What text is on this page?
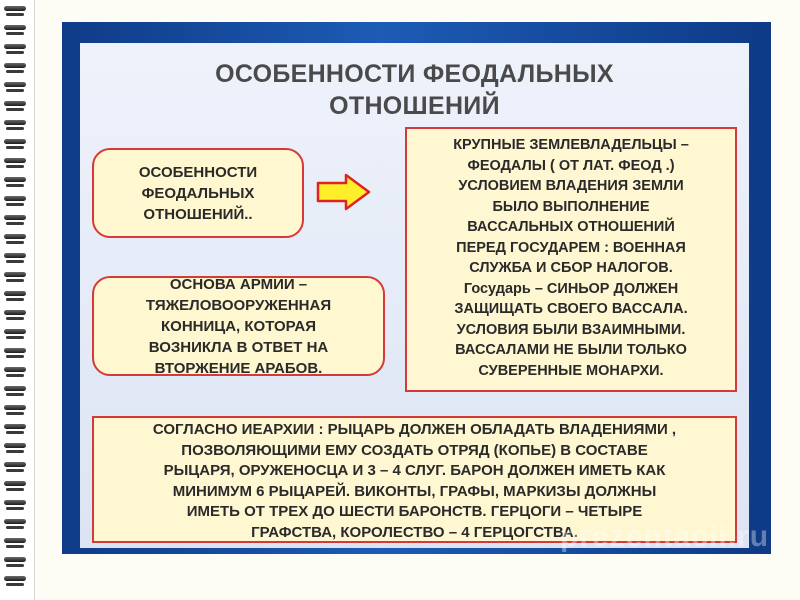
ОСОБЕННОСТИ ФЕОДАЛЬНЫХ
ОТНОШЕНИЙ
ОСОБЕННОСТИ
ФЕОДАЛЬНЫХ
ОТНОШЕНИЙ..
ОСНОВА АРМИИ –
ТЯЖЕЛОВООРУЖЕННАЯ
КОННИЦА, КОТОРАЯ
ВОЗНИКЛА В ОТВЕТ НА
ВТОРЖЕНИЕ АРАБОВ.
КРУПНЫЕ ЗЕМЛЕВЛАДЕЛЬЦЫ –
ФЕОДАЛЫ ( ОТ ЛАТ. ФЕОД .)
УСЛОВИЕМ ВЛАДЕНИЯ ЗЕМЛИ
БЫЛО ВЫПОЛНЕНИЕ
ВАССАЛЬНЫХ ОТНОШЕНИЙ
ПЕРЕД ГОСУДАРЕМ : ВОЕННАЯ
СЛУЖБА И СБОР НАЛОГОВ.
Государь – СИНЬОР ДОЛЖЕН
ЗАЩИЩАТЬ СВОЕГО ВАССАЛА.
УСЛОВИЯ БЫЛИ ВЗАИМНЫМИ.
ВАССАЛАМИ НЕ БЫЛИ ТОЛЬКО
СУВЕРЕННЫЕ МОНАРХИ.
СОГЛАСНО ИЕАРХИИ : РЫЦАРЬ ДОЛЖЕН ОБЛАДАТЬ ВЛАДЕНИЯМИ ,
ПОЗВОЛЯЮЩИМИ ЕМУ СОЗДАТЬ ОТРЯД (КОПЬЕ) В СОСТАВЕ
РЫЦАРЯ, ОРУЖЕНОСЦА И 3 – 4 СЛУГ. БАРОН ДОЛЖЕН ИМЕТЬ КАК
МИНИМУМ 6 РЫЦАРЕЙ. ВИКОНТЫ, ГРАФЫ, МАРКИЗЫ ДОЛЖНЫ
ИМЕТЬ ОТ ТРЕХ ДО ШЕСТИ БАРОНСТВ. ГЕРЦОГИ – ЧЕТЫРЕ
ГРАФСТВА, КОРОЛЕСТВО – 4 ГЕРЦОГСТВА.
prezentacii.ru
